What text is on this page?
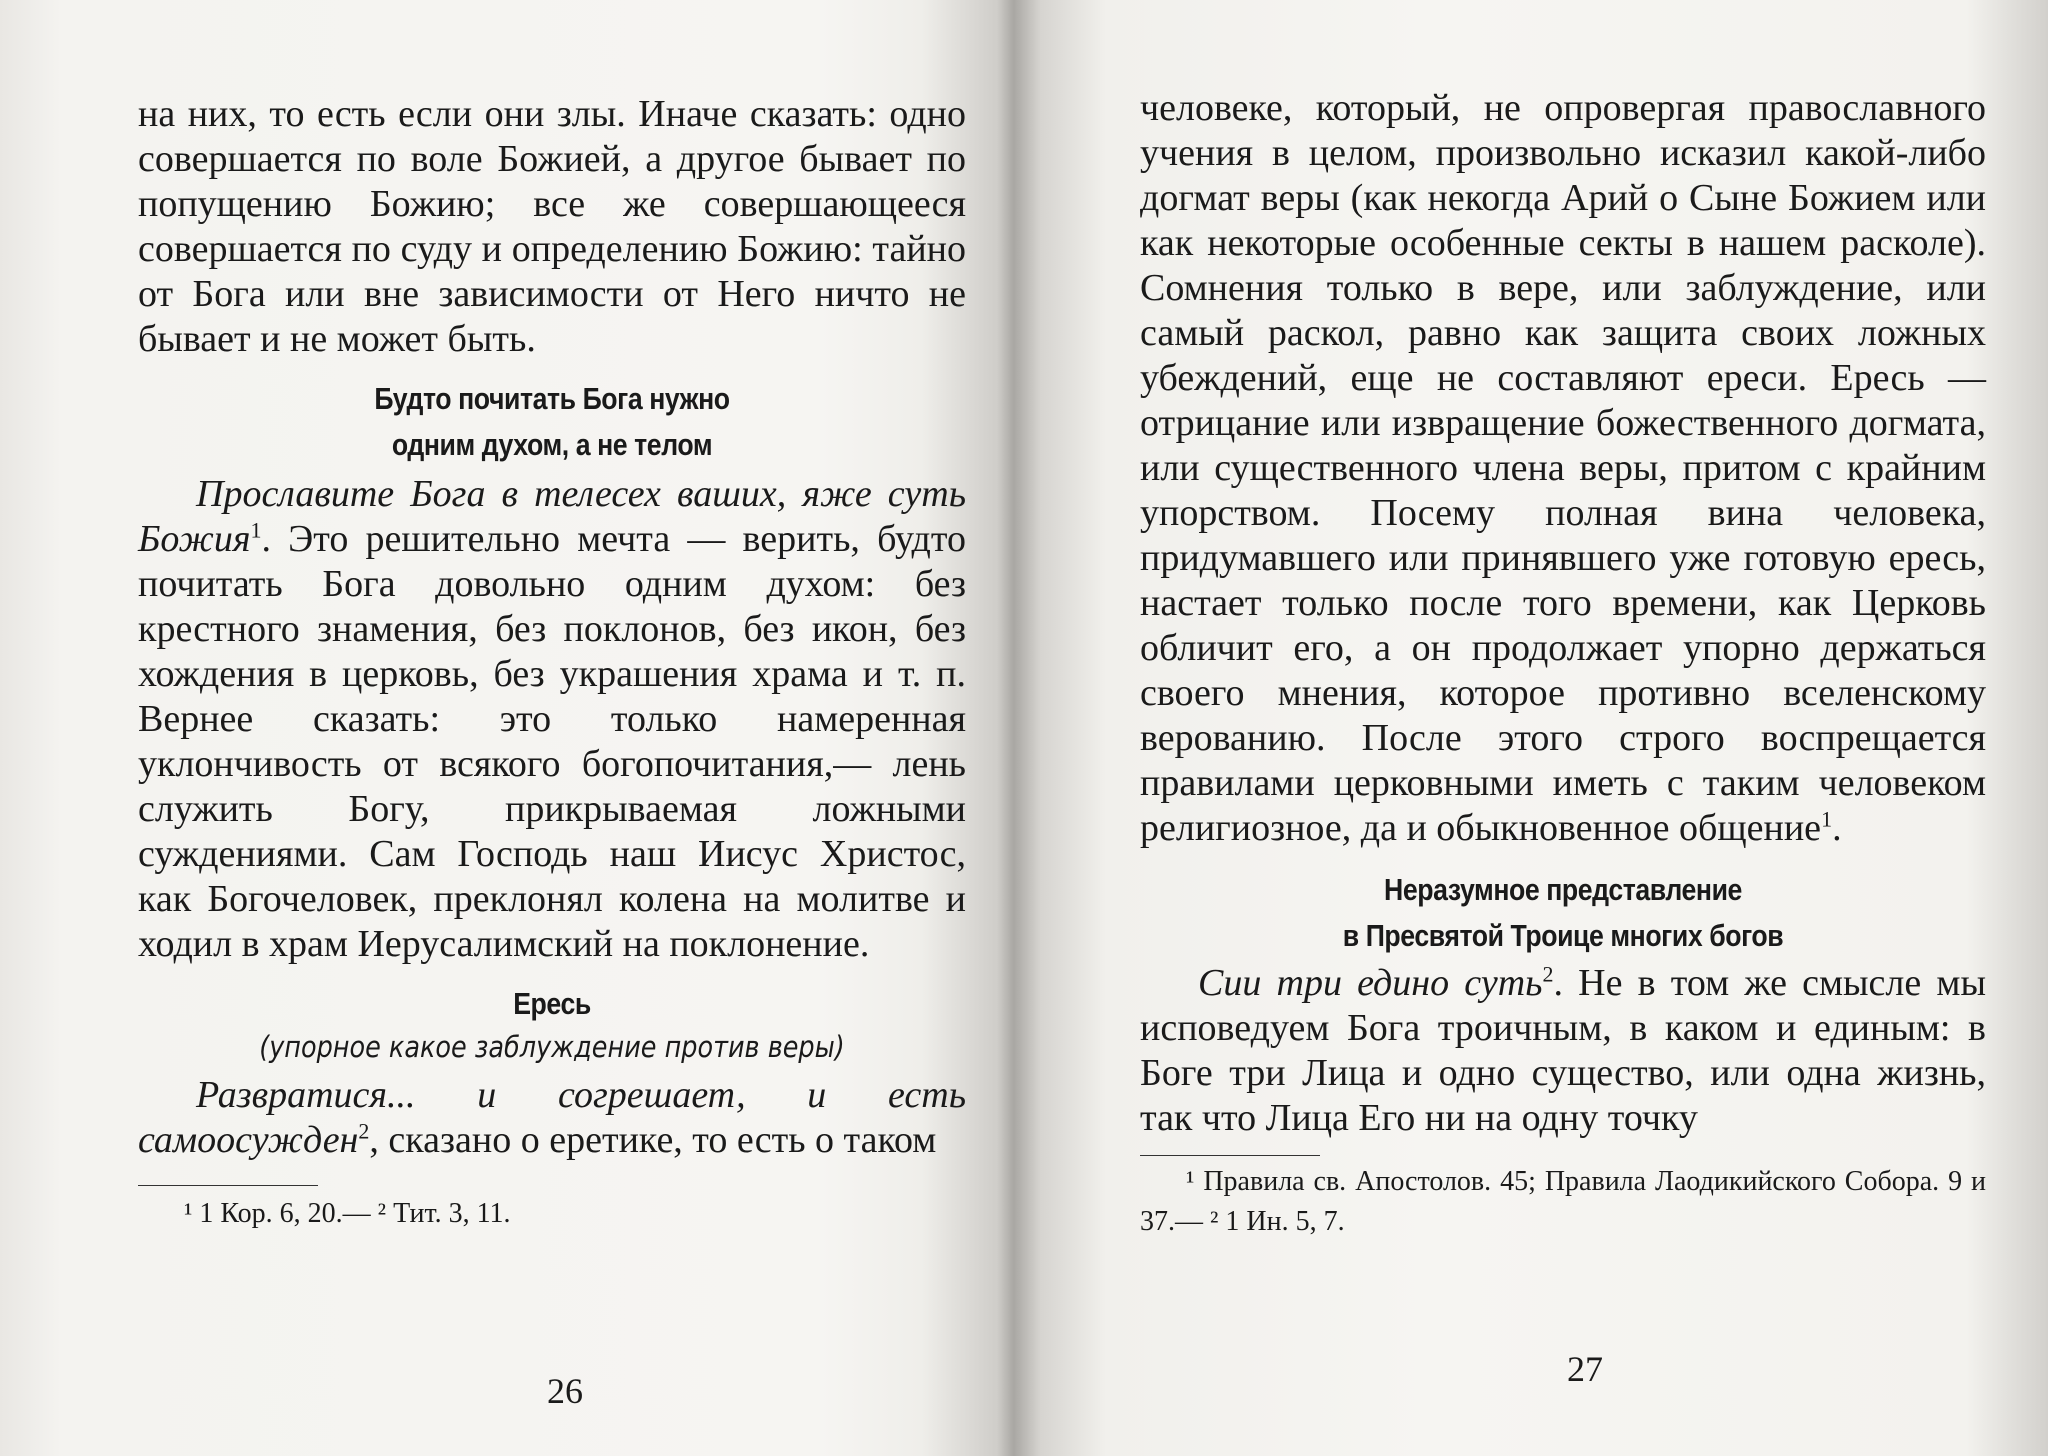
на них, то есть если они злы. Иначе сказать: одно совершается по воле Божией, а другое бывает по попущению Божию; все же совершающееся совершается по суду и определению Божию: тайно от Бога или вне зависимости от Него ничто не бывает и не может быть.

Будто почитать Бога нужно
одним духом, а не телом

Прославите Бога в телесех ваших, яже суть Божия$^1$. Это решительно мечта — верить, будто почитать Бога довольно одним духом: без крестного знамения, без поклонов, без икон, без хождения в церковь, без украшения храма и т. п. Вернее сказать: это только намеренная уклончивость от всякого богопочитания,— лень служить Богу, прикрываемая ложными суждениями. Сам Господь наш Иисус Христос, как Богочеловек, преклонял колена на молитве и ходил в храм Иерусалимский на поклонение.

Ересь
(упорное какое заблуждение против веры)

Развратися... и согрешает, и есть самоосужден$^2$, сказано о еретике, то есть о таком

¹ 1 Кор. 6, 20.— ² Тит. 3, 11.

26

человеке, который, не опровергая православного учения в целом, произвольно исказил какой-либо догмат веры (как некогда Арий о Сыне Божием или как некоторые особенные секты в нашем расколе). Сомнения только в вере, или заблуждение, или самый раскол, равно как защита своих ложных убеждений, еще не составляют ереси. Ересь — отрицание или извращение божественного догмата, или существенного члена веры, притом с крайним упорством. Посему полная вина человека, придумавшего или принявшего уже готовую ересь, настает только после того времени, как Церковь обличит его, а он продолжает упорно держаться своего мнения, которое противно вселенскому верованию. После этого строго воспрещается правилами церковными иметь с таким человеком религиозное, да и обыкновенное общение$^1$.

Неразумное представление
в Пресвятой Троице многих богов

Сии три едино суть$^2$. Не в том же смысле мы исповедуем Бога троичным, в каком и единым: в Боге три Лица и одно существо, или одна жизнь, так что Лица Его ни на одну точку

¹ Правила св. Апостолов. 45; Правила Лаодикийского Собора. 9 и 37.— ² 1 Ин. 5, 7.

27
